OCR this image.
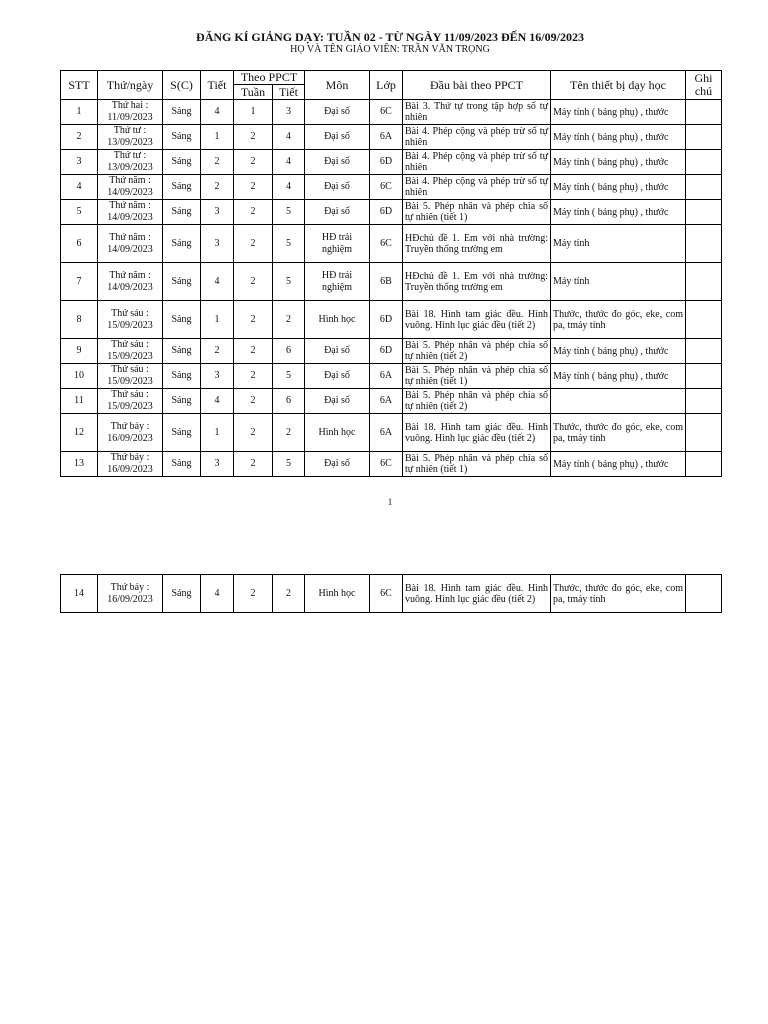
ĐĂNG KÍ GIẢNG DẠY: TUẦN 02 - TỪ NGÀY 11/09/2023 ĐẾN 16/09/2023
HỌ VÀ TÊN GIÁO VIÊN: TRẦN VĂN TRỌNG
STT	Thứ/ngày	S(C)	Tiết	Theo PPCT		Môn	Lớp	Đầu bài theo PPCT	Tên thiết bị dạy học	Ghi chú
				Tuần	Tiết					
1	Thứ hai : 11/09/2023	Sáng	4	1	3	Đại số	6C	Bài 3. Thứ tự trong tập hợp số tự nhiên	Máy tính ( bảng phụ) , thước	
2	Thứ tư : 13/09/2023	Sáng	1	2	4	Đại số	6A	Bài 4. Phép cộng và phép trừ số tự nhiên	Máy tính ( bảng phụ) , thước	
3	Thứ tư : 13/09/2023	Sáng	2	2	4	Đại số	6D	Bài 4. Phép cộng và phép trừ số tự nhiên	Máy tính ( bảng phụ) , thước	
4	Thứ năm : 14/09/2023	Sáng	2	2	4	Đại số	6C	Bài 4. Phép cộng và phép trừ số tự nhiên	Máy tính ( bảng phụ) , thước	
5	Thứ năm : 14/09/2023	Sáng	3	2	5	Đại số	6D	Bài 5. Phép nhân và phép chia số tự nhiên (tiết 1)	Máy tính ( bảng phụ) , thước	
6	Thứ năm : 14/09/2023	Sáng	3	2	5	HĐ trải nghiệm	6C	HĐchủ đề 1. Em với nhà trường: Truyền thống trường em	Máy tính	
7	Thứ năm : 14/09/2023	Sáng	4	2	5	HĐ trải nghiệm	6B	HĐchủ đề 1. Em với nhà trường: Truyền thống trường em	Máy tính	
8	Thứ sáu : 15/09/2023	Sáng	1	2	2	Hình học	6D	Bài 18. Hình tam giác đều. Hình vuông. Hình lục giác đều (tiết 2)	Thước, thước đo góc, eke, com pa, tmáy tính	
9	Thứ sáu : 15/09/2023	Sáng	2	2	6	Đại số	6D	Bài 5. Phép nhân và phép chia số tự nhiên (tiết 2)	Máy tính ( bảng phụ) , thước	
10	Thứ sáu : 15/09/2023	Sáng	3	2	5	Đại số	6A	Bài 5. Phép nhân và phép chia số tự nhiên (tiết 1)	Máy tính ( bảng phụ) , thước	
11	Thứ sáu : 15/09/2023	Sáng	4	2	6	Đại số	6A	Bài 5. Phép nhân và phép chia số tự nhiên (tiết 2)		
12	Thứ bảy : 16/09/2023	Sáng	1	2	2	Hình học	6A	Bài 18. Hình tam giác đều. Hình vuông. Hình lục giác đều (tiết 2)	Thước, thước đo góc, eke, com pa, tmáy tính	
13	Thứ bảy : 16/09/2023	Sáng	3	2	5	Đại số	6C	Bài 5. Phép nhân và phép chia số tự nhiên (tiết 1)	Máy tính ( bảng phụ) , thước	
1
14	Thứ bảy : 16/09/2023	Sáng	4	2	2	Hình học	6C	Bài 18. Hình tam giác đều. Hình vuông. Hình lục giác đều (tiết 2)	Thước, thước đo góc, eke, com pa, tmáy tính	
